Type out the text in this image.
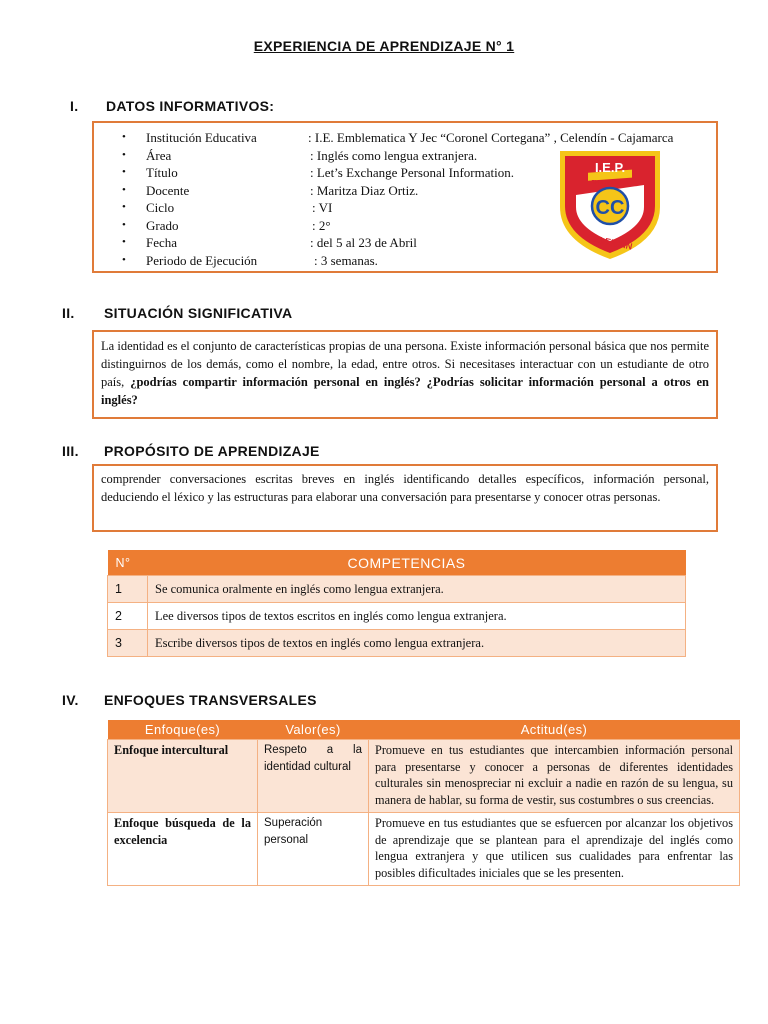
EXPERIENCIA DE APRENDIZAJE N° 1
I. DATOS INFORMATIVOS:
• Institución Educativa	: I.E. Emblematica Y Jec “Coronel Cortegana” , Celendín - Cajamarca
• Área	: Inglés como lengua extranjera.
• Título	: Let’s Exchange Personal Information.
• Docente	: Maritza Diaz Ortiz.
• Ciclo	: VI
• Grado	: 2°
• Fecha	: del 5 al 23 de Abril
• Periodo de Ejecución	: 3 semanas.
I.E.P.
EMBLEMÁTICA
CC
CELENDÍN
II. SITUACIÓN SIGNIFICATIVA
La identidad es el conjunto de características propias de una persona. Existe información personal básica que nos permite distinguirnos de los demás, como el nombre, la edad, entre otros. Si necesitases interactuar con un estudiante de otro país, ¿podrías compartir información personal en inglés? ¿Podrías solicitar información personal a otros en inglés?
III. PROPÓSITO DE APRENDIZAJE
comprender conversaciones escritas breves en inglés identificando detalles específicos, información personal, deduciendo el léxico y las estructuras para elaborar una conversación para presentarse y conocer otras personas.
N°	COMPETENCIAS
1	Se comunica oralmente en inglés como lengua extranjera.
2	Lee diversos tipos de textos escritos en inglés como lengua extranjera.
3	Escribe diversos tipos de textos en inglés como lengua extranjera.
IV. ENFOQUES TRANSVERSALES
Enfoque(es)	Valor(es)	Actitud(es)
Enfoque intercultural	Respeto a la identidad cultural	Promueve en tus estudiantes que intercambien información personal para presentarse y conocer a personas de diferentes identidades culturales sin menospreciar ni excluir a nadie en razón de su lengua, su manera de hablar, su forma de vestir, sus costumbres o sus creencias.
Enfoque búsqueda de la excelencia	Superación personal	Promueve en tus estudiantes que se esfuercen por alcanzar los objetivos de aprendizaje que se plantean para el aprendizaje del inglés como lengua extranjera y que utilicen sus cualidades para enfrentar las posibles dificultades iniciales que se les presenten.
